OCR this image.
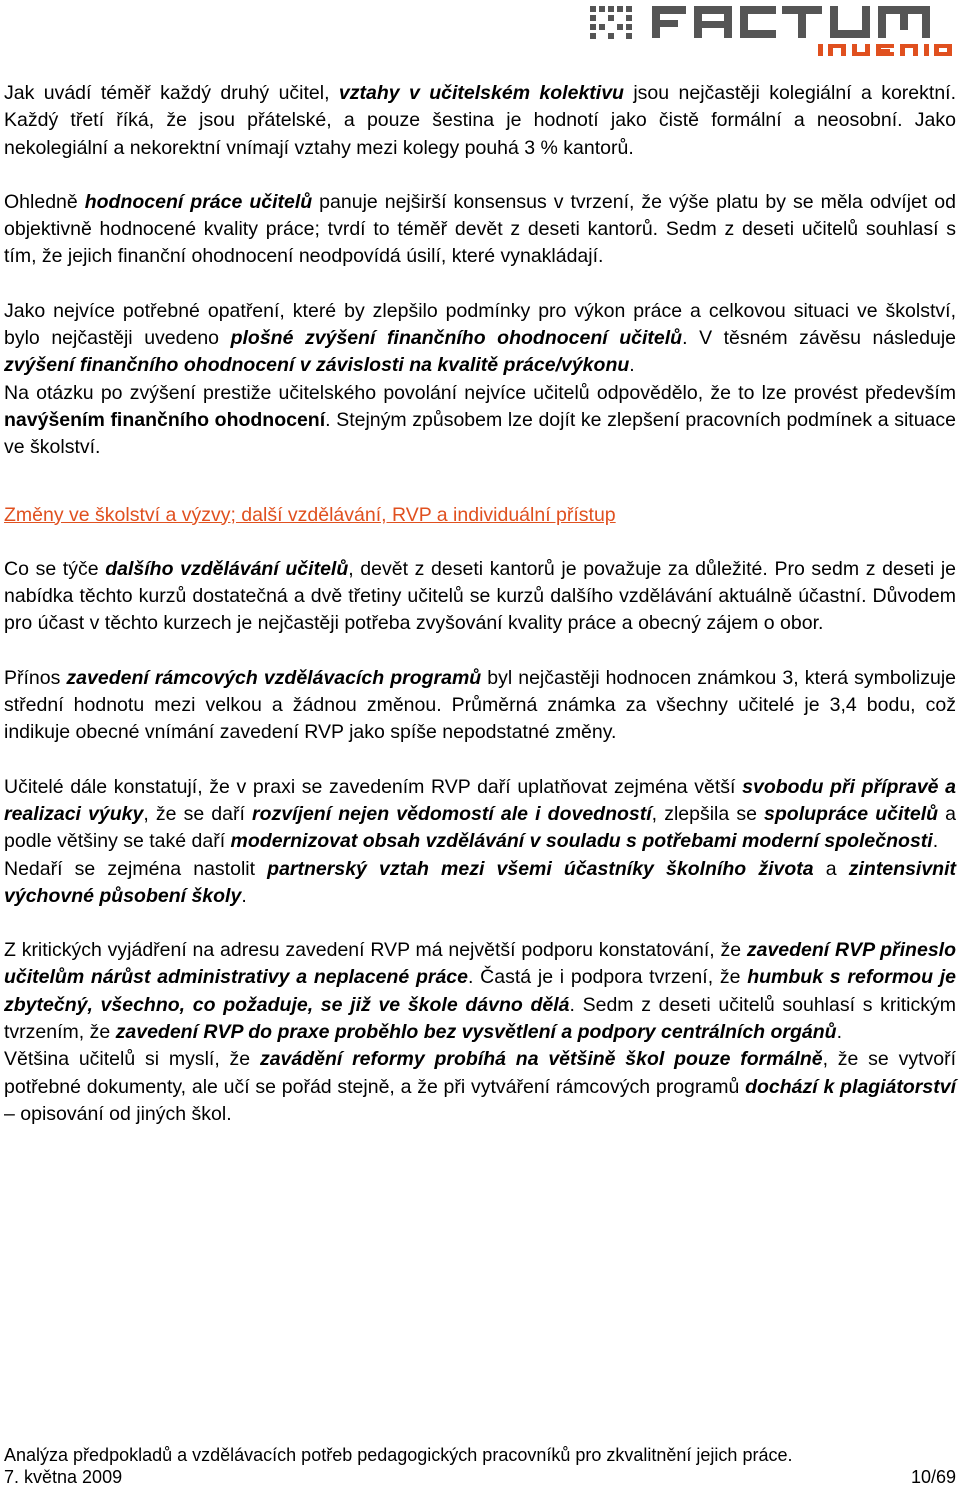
Jak uvádí téměř každý druhý učitel, vztahy v učitelském kolektivu jsou nejčastěji kolegiální a korektní. Každý třetí říká, že jsou přátelské, a pouze šestina je hodnotí jako čistě formální a neosobní. Jako nekolegiální a nekorektní vnímají vztahy mezi kolegy pouhá 3 % kantorů.

Ohledně hodnocení práce učitelů panuje nejširší konsensus v tvrzení, že výše platu by se měla odvíjet od objektivně hodnocené kvality práce; tvrdí to téměř devět z deseti kantorů. Sedm z deseti učitelů souhlasí s tím, že jejich finanční ohodnocení neodpovídá úsilí, které vynakládají.

Jako nejvíce potřebné opatření, které by zlepšilo podmínky pro výkon práce a celkovou situaci ve školství, bylo nejčastěji uvedeno plošné zvýšení finančního ohodnocení učitelů. V těsném závěsu následuje zvýšení finančního ohodnocení v závislosti na kvalitě práce/výkonu.

Na otázku po zvýšení prestiže učitelského povolání nejvíce učitelů odpovědělo, že to lze provést především navýšením finančního ohodnocení. Stejným způsobem lze dojít ke zlepšení pracovních podmínek a situace ve školství.

Změny ve školství a výzvy; další vzdělávání, RVP a individuální přístup

Co se týče dalšího vzdělávání učitelů, devět z deseti kantorů je považuje za důležité. Pro sedm z deseti je nabídka těchto kurzů dostatečná a dvě třetiny učitelů se kurzů dalšího vzdělávání aktuálně účastní. Důvodem pro účast v těchto kurzech je nejčastěji potřeba zvyšování kvality práce a obecný zájem o obor.

Přínos zavedení rámcových vzdělávacích programů byl nejčastěji hodnocen známkou 3, která symbolizuje střední hodnotu mezi velkou a žádnou změnou. Průměrná známka za všechny učitelé je 3,4 bodu, což indikuje obecné vnímání zavedení RVP jako spíše nepodstatné změny.

Učitelé dále konstatují, že v praxi se zavedením RVP daří uplatňovat zejména větší svobodu při přípravě a realizaci výuky, že se daří rozvíjení nejen vědomostí ale i dovedností, zlepšila se spolupráce učitelů a podle většiny se také daří modernizovat obsah vzdělávání v souladu s potřebami moderní společnosti.

Nedaří se zejména nastolit partnerský vztah mezi všemi účastníky školního života a zintensivnit výchovné působení školy.

Z kritických vyjádření na adresu zavedení RVP má největší podporu konstatování, že zavedení RVP přineslo učitelům nárůst administrativy a neplacené práce. Častá je i podpora tvrzení, že humbuk s reformou je zbytečný, všechno, co požaduje, se již ve škole dávno dělá. Sedm z deseti učitelů souhlasí s kritickým tvrzením, že zavedení RVP do praxe proběhlo bez vysvětlení a podpory centrálních orgánů.

Většina učitelů si myslí, že zavádění reformy probíhá na většině škol pouze formálně, že se vytvoří potřebné dokumenty, ale učí se pořád stejně, a že při vytváření rámcových programů dochází k plagiátorství – opisování od jiných škol.

Analýza předpokladů a vzdělávacích potřeb pedagogických pracovníků pro zkvalitnění jejich práce.
7. května 2009	10/69
